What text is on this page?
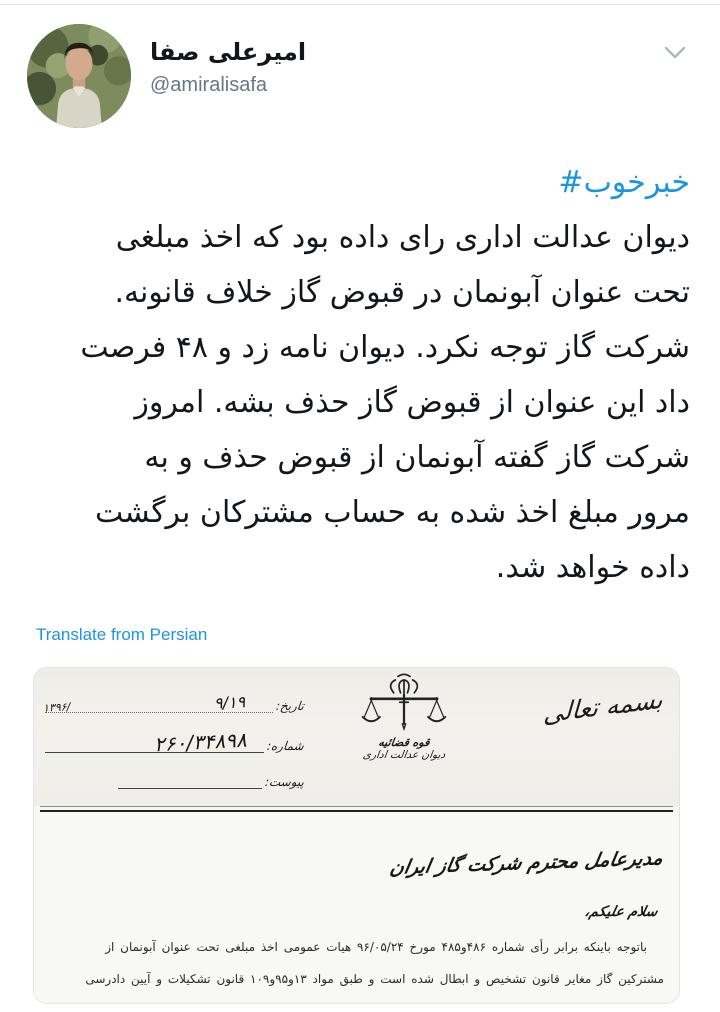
امیرعلی صفا
@amiralisafa
#خبرخوب
دیوان عدالت اداری رای داده بود که اخذ مبلغی
تحت عنوان آبونمان در قبوض گاز خلاف قانونه.
شرکت گاز توجه نکرد. دیوان نامه زد و ۴۸ فرصت
داد این عنوان از قبوض گاز حذف بشه. امروز
شرکت گاز گفته آبونمان از قبوض حذف و به
مرور مبلغ اخذ شده به حساب مشترکان برگشت
داده خواهد شد.
Translate from Persian
بسمه تعالی
قوه قضائیه
دیوان عدالت اداری
تاریخ:
۹/۱۹
۱۳۹۶/
شماره:
۲۶۰/۳۴۸۹۸
پیوست:
مدیرعامل محترم شرکت گاز ایران
سلام علیکم،
باتوجه باینکه برابر رأی شماره ۴۸۶و۴۸۵ مورخ ۹۶/۰۵/۲۴ هیات عمومی اخذ مبلغی تحت عنوان آبونمان از
مشترکین گاز مغایر قانون تشخیص و ابطال شده است و طبق مواد ۱۳و۹۵و۱۰۹ قانون تشکیلات و آیین دادرسی
